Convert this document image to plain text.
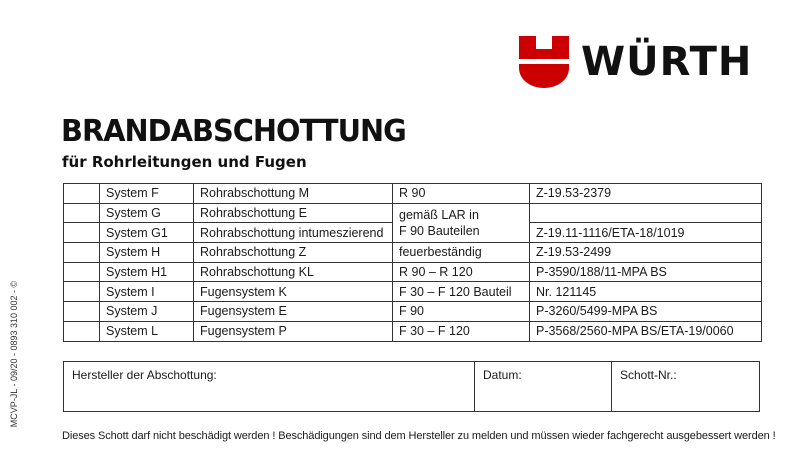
WÜRTH
BRANDABSCHOTTUNG
für Rohrleitungen und Fugen
	System F	Rohrabschottung M	R 90	Z-19.53-2379
	System G	Rohrabschottung E	gemäß LAR in
F 90 Bauteilen	

	System G1	Rohrabschottung intumeszierend		Z-19.11-1116/ETA-18/1019
	System H	Rohrabschottung Z	feuerbeständig	Z-19.53-2499
	System H1	Rohrabschottung KL	R 90 – R 120	P-3590/188/11-MPA BS
	System I	Fugensystem K	F 30 – F 120 Bauteil	Nr. 121145
	System J	Fugensystem E	F 90	P-3260/5499-MPA BS
	System L	Fugensystem P	F 30 – F 120	P-3568/2560-MPA BS/ETA-19/0060
Hersteller der Abschottung:	Datum:	Schott-Nr.:
Dieses Schott darf nicht beschädigt werden ! Beschädigungen sind dem Hersteller zu melden und müssen wieder fachgerecht ausgebessert werden !
MCVP-JL - 09/20 - 0893 310 002 - ©
